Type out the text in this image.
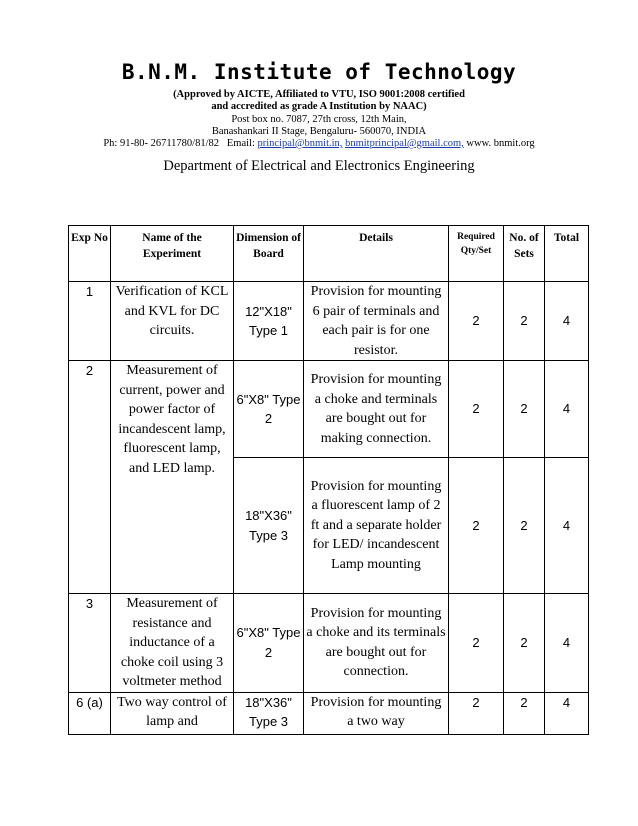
B.N.M. Institute of Technology
(Approved by AICTE, Affiliated to VTU, ISO 9001:2008 certified
and accredited as grade A Institution by NAAC)
Post box no. 7087, 27th cross, 12th Main,
Banashankari II Stage, Bengaluru- 560070, INDIA
Ph: 91-80- 26711780/81/82 Email: principal@bnmit.in, bnmitprincipal@gmail.com, www. bnmit.org
Department of Electrical and Electronics Engineering
Exp No	Name of the Experiment	Dimension of Board	Details	Required Qty/Set	No. of Sets	Total
1	Verification of KCL and KVL for DC circuits.	12"X18" Type 1	Provision for mounting 6 pair of terminals and each pair is for one resistor.	2	2	4
2	Measurement of current, power and power factor of incandescent lamp, fluorescent lamp, and LED lamp.	6"X8" Type 2	Provision for mounting a choke and terminals are bought out for making connection.	2	2	4
		18"X36" Type 3	Provision for mounting a fluorescent lamp of 2 ft and a separate holder for LED/ incandescent Lamp mounting	2	2	4
3	Measurement of resistance and inductance of a choke coil using 3 voltmeter method	6"X8" Type 2	Provision for mounting a choke and its terminals are bought out for connection.	2	2	4
6 (a)	Two way control of lamp and	18"X36" Type 3	Provision for mounting a two way	2	2	4
